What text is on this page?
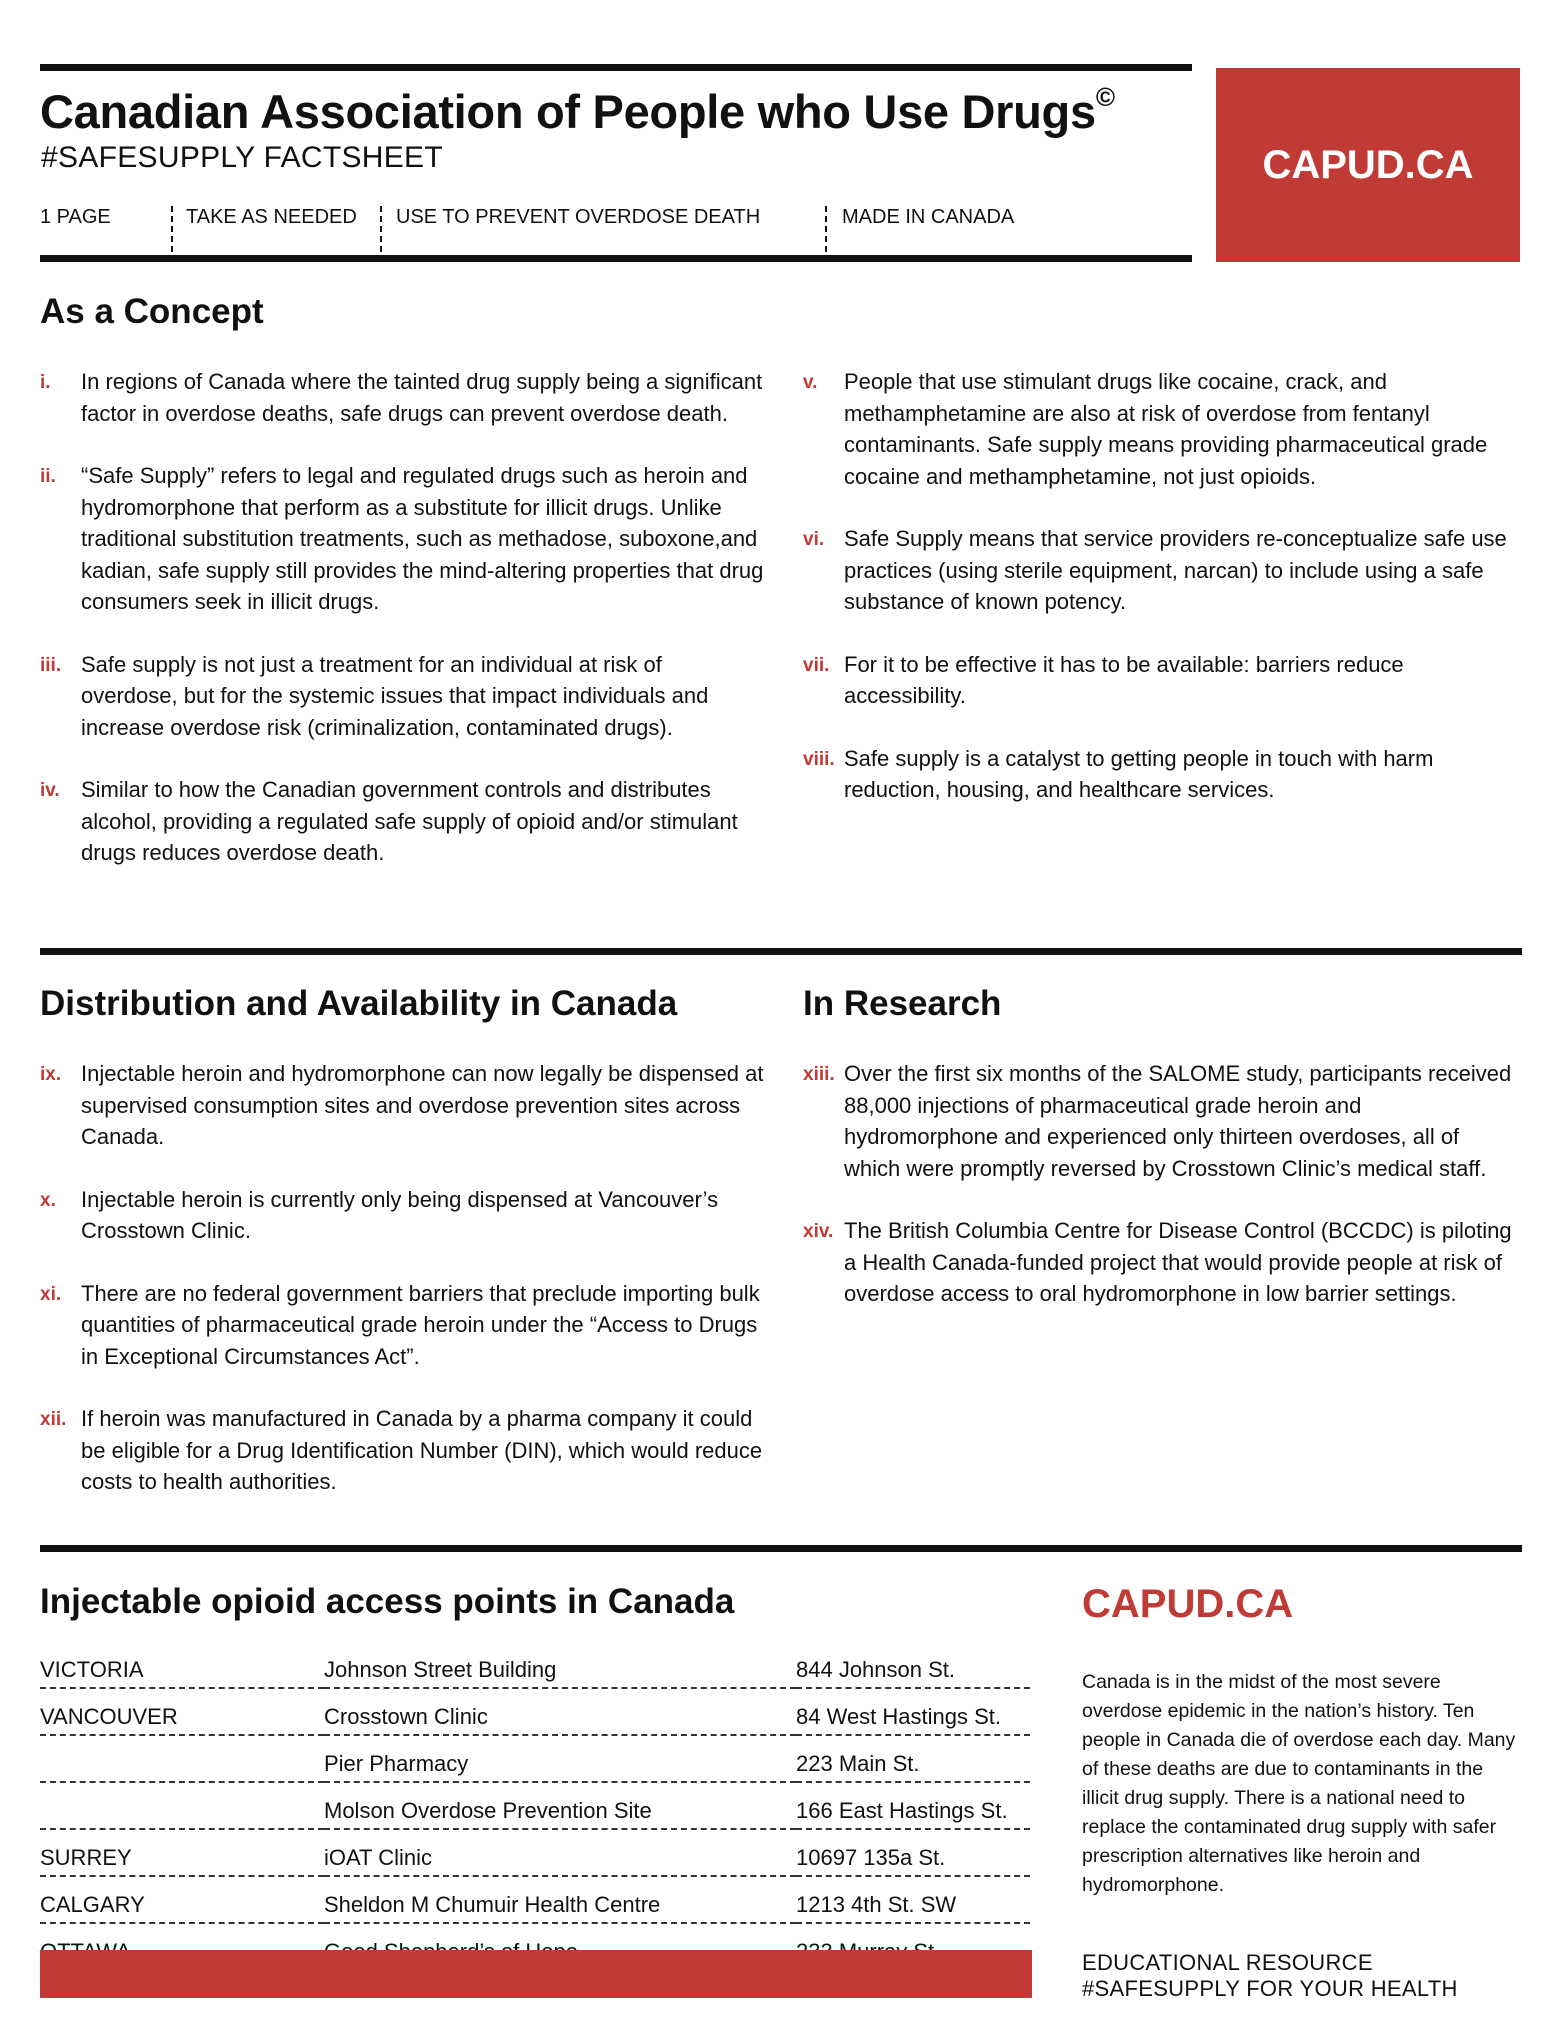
Canadian Association of People who Use Drugs©
#SAFESUPPLY FACTSHEET
1 PAGE	TAKE AS NEEDED USE TO PREVENT OVERDOSE DEATH	MADE IN CANADA
CAPUD.CA
As a Concept
i. In regions of Canada where the tainted drug supply being a significant factor in overdose deaths, safe drugs can prevent overdose death.
ii. “Safe Supply” refers to legal and regulated drugs such as heroin and hydromorphone that perform as a substitute for illicit drugs. Unlike traditional substitution treatments, such as methadose, suboxone,and kadian, safe supply still provides the mind-altering properties that drug consumers seek in illicit drugs.
iii. Safe supply is not just a treatment for an individual at risk of overdose, but for the systemic issues that impact individuals and increase overdose risk (criminalization, contaminated drugs).
iv. Similar to how the Canadian government controls and distributes alcohol, providing a regulated safe supply of opioid and/or stimulant drugs reduces overdose death.
v. People that use stimulant drugs like cocaine, crack, and methamphetamine are also at risk of overdose from fentanyl contaminants. Safe supply means providing pharmaceutical grade cocaine and methamphetamine, not just opioids.
vi. Safe Supply means that service providers re-conceptualize safe use practices (using sterile equipment, narcan) to include using a safe substance of known potency.
vii. For it to be effective it has to be available: barriers reduce accessibility.
viii. Safe supply is a catalyst to getting people in touch with harm reduction, housing, and healthcare services.
Distribution and Availability in Canada
ix. Injectable heroin and hydromorphone can now legally be dispensed at supervised consumption sites and overdose prevention sites across Canada.
x. Injectable heroin is currently only being dispensed at Vancouver’s Crosstown Clinic.
xi. There are no federal government barriers that preclude importing bulk quantities of pharmaceutical grade heroin under the “Access to Drugs in Exceptional Circumstances Act”.
xii. If heroin was manufactured in Canada by a pharma company it could be eligible for a Drug Identification Number (DIN), which would reduce costs to health authorities.
In Research
xiii. Over the first six months of the SALOME study, participants received 88,000 injections of pharmaceutical grade heroin and hydromorphone and experienced only thirteen overdoses, all of which were promptly reversed by Crosstown Clinic’s medical staff.
xiv. The British Columbia Centre for Disease Control (BCCDC) is piloting a Health Canada-funded project that would provide people at risk of overdose access to oral hydromorphone in low barrier settings.
Injectable opioid access points in Canada
VICTORIA	Johnson Street Building	844 Johnson St.
VANCOUVER	Crosstown Clinic	84 West Hastings St.
	Pier Pharmacy	223 Main St.
	Molson Overdose Prevention Site	166 East Hastings St.
SURREY	iOAT Clinic	10697 135a St.
CALGARY	Sheldon M Chumuir Health Centre	1213 4th St. SW

CAPUD.CA

Canada is in the midst of the most severe overdose epidemic in the nation’s history. Ten people in Canada die of overdose each day. Many of these deaths are due to contaminants in the illicit drug supply. There is a national need to replace the contaminated drug supply with safer prescription alternatives like heroin and hydromorphone.

EDUCATIONAL RESOURCE
#SAFESUPPLY FOR YOUR HEALTH
